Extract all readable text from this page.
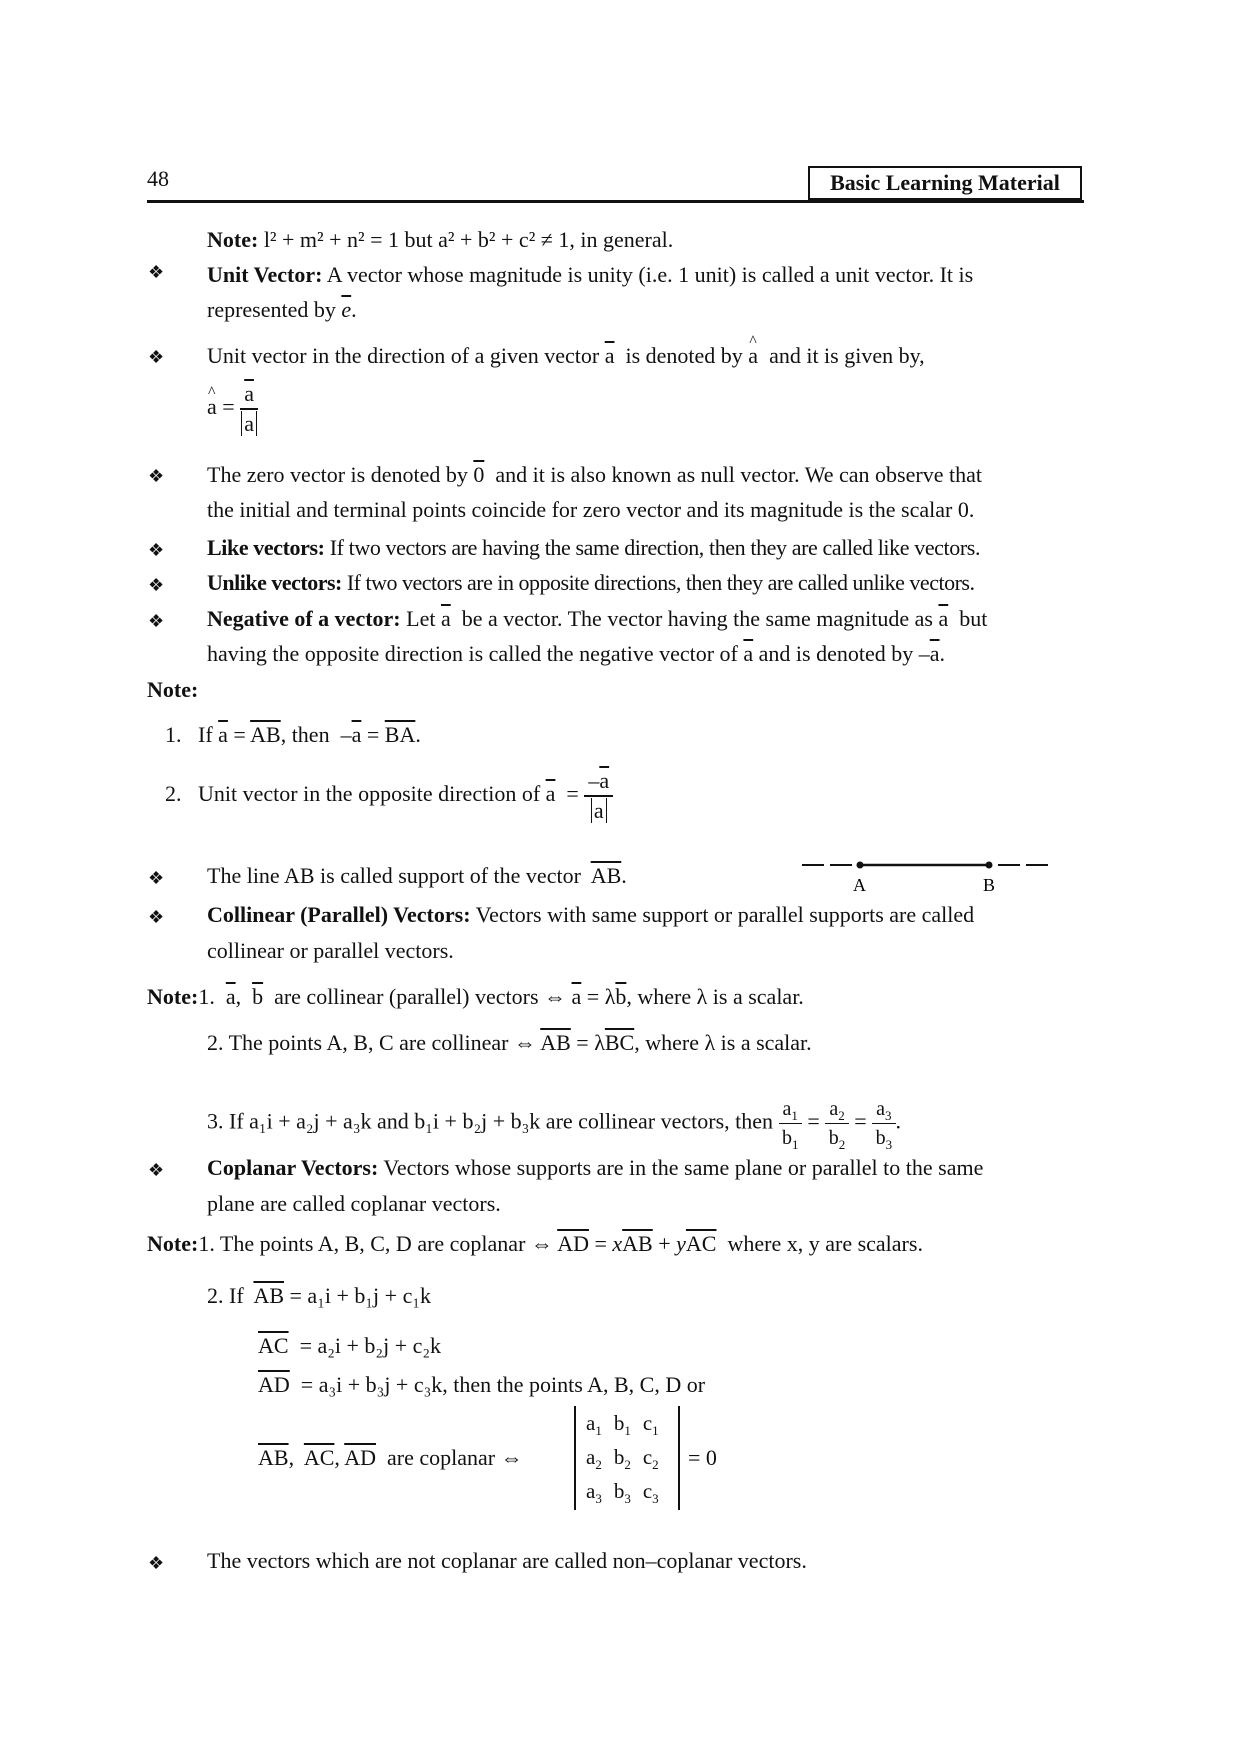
48	Basic Learning Material
Note: l² + m² + n² = 1 but a² + b² + c² ≠ 1, in general.
❖ Unit Vector: A vector whose magnitude is unity (i.e. 1 unit) is called a unit vector. It is
represented by $\overline{e}$.
❖ Unit vector in the direction of a given vector $\overline{a}$ is denoted by ^ a and it is given by,
^ $a = \frac{\overline{a}}{a}$
❖ The zero vector is denoted by 0 and it is also known as null vector. We can observe that
the initial and terminal points coincide for zero vector and its magnitude is the scalar 0.
❖ Like vectors: If two vectors are having the same direction, then they are called like vectors.
❖ Unlike vectors: If two vectors are in opposite directions, then they are called unlike vectors.
❖ Negative of a vector: Let $\overline{a}$ be a vector. The vector having the same magnitude as $\overline{a}$ but
having the opposite direction is called the negative vector of $\overline{a}$ and is denoted by $-\overline{a}$.
Note:
1. If $\overline{a} = \overline{AB}$, then  $-\overline{a} = \overline{BA}$.
2. Unit vector in the opposite direction of $\overline{a} = \frac{-\overline{a}}{a}$
❖ The line AB is called support of the vector $\overline{AB}$.	A	B
❖ Collinear (Parallel) Vectors: Vectors with same support or parallel supports are called
collinear or parallel vectors.
Note:1. $\overline{a}$,  $\overline{b}$ are collinear (parallel) vectors ⇔ $\overline{a} = \lambda\overline{b}$, where λ is a scalar.
2. The points A, B, C are collinear ⇔ $\overline{AB} = \lambda\overline{BC}$, where λ is a scalar.
3. If a₁i + a₂j + a₃k and b₁i + b₂j + b₃k are collinear vectors, then $\frac{a_1}{b_1} = \frac{a_2}{b_2} = \frac{a_3}{b_3}$ .
❖ Coplanar Vectors: Vectors whose supports are in the same plane or parallel to the same
plane are called coplanar vectors.
Note:1. The points A, B, C, D are coplanar ⇔ $\overline{AD} = x\overline{AB} + y\overline{AC}$ where x, y are scalars.
2. If $\overline{AB} = a_1i + b_1j + c_1k$
$\overline{AC} = a_2i + b_2j + c_2k$
$\overline{AD} = a_3i + b_3j + c_3k$, then the points A, B, C, D or
$\overline{AB}$,  $\overline{AC}$, $\overline{AD}$ are coplanar ⇔
$a_1$	$b_1$	$c_1$
$a_2$	$b_2$	$c_2$
$a_3$	$b_3$	$c_3$
= 0
❖ The vectors which are not coplanar are called non–coplanar vectors.
